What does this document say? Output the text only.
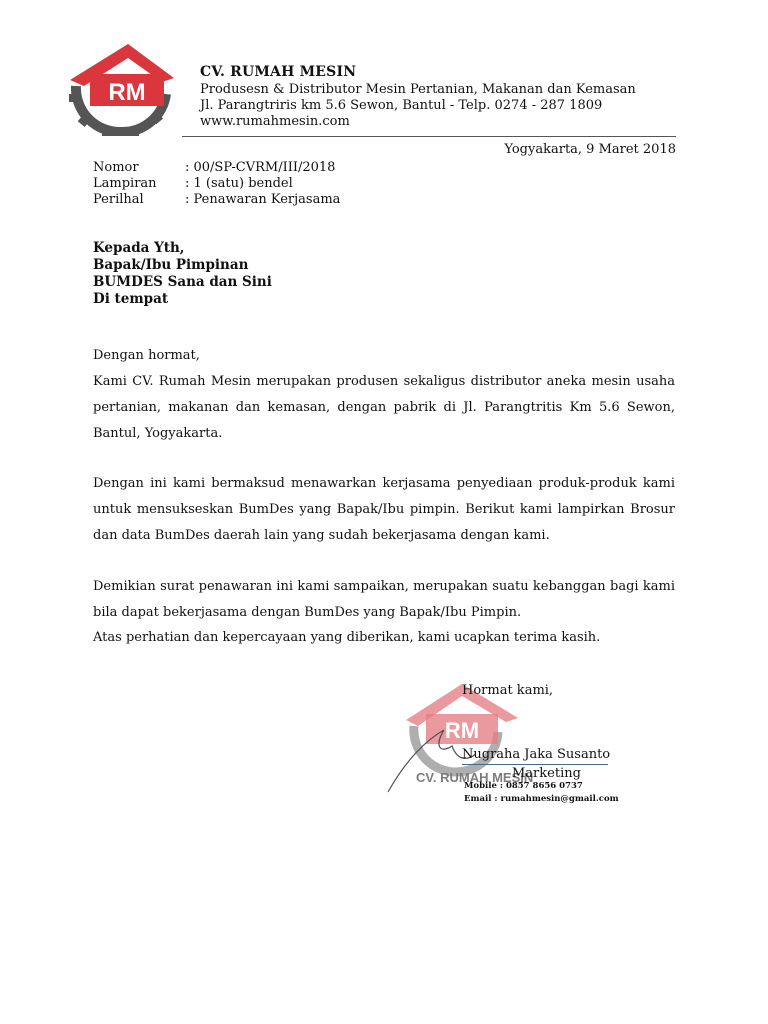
RM
CV. RUMAH MESIN
Produsesn & Distributor Mesin Pertanian, Makanan dan Kemasan
Jl. Parangtriris km 5.6 Sewon, Bantul - Telp. 0274 - 287 1809
www.rumahmesin.com
Yogyakarta, 9 Maret 2018
Nomor	: 00/SP-CVRM/III/2018
Lampiran : 1 (satu) bendel
Perilhal	: Penawaran Kerjasama
Kepada Yth,
Bapak/Ibu Pimpinan
BUMDES Sana dan Sini
Di tempat
Dengan hormat,
Kami CV. Rumah Mesin merupakan produsen sekaligus distributor aneka mesin usaha pertanian, makanan dan kemasan, dengan pabrik di Jl. Parangtritis Km 5.6 Sewon, Bantul, Yogyakarta.
Dengan ini kami bermaksud menawarkan kerjasama penyediaan produk-produk kami untuk mensukseskan BumDes yang Bapak/Ibu pimpin. Berikut kami lampirkan Brosur dan data BumDes daerah lain yang sudah bekerjasama dengan kami.
Demikian surat penawaran ini kami sampaikan, merupakan suatu kebanggan bagi kami bila dapat bekerjasama dengan BumDes yang Bapak/Ibu Pimpin.
Atas perhatian dan kepercayaan yang diberikan, kami ucapkan terima kasih.
RM
CV. RUMAH MESIN
Hormat kami,
Nugraha Jaka Susanto
Marketing
Mobile : 0857 8656 0737
Email : rumahmesin@gmail.com
